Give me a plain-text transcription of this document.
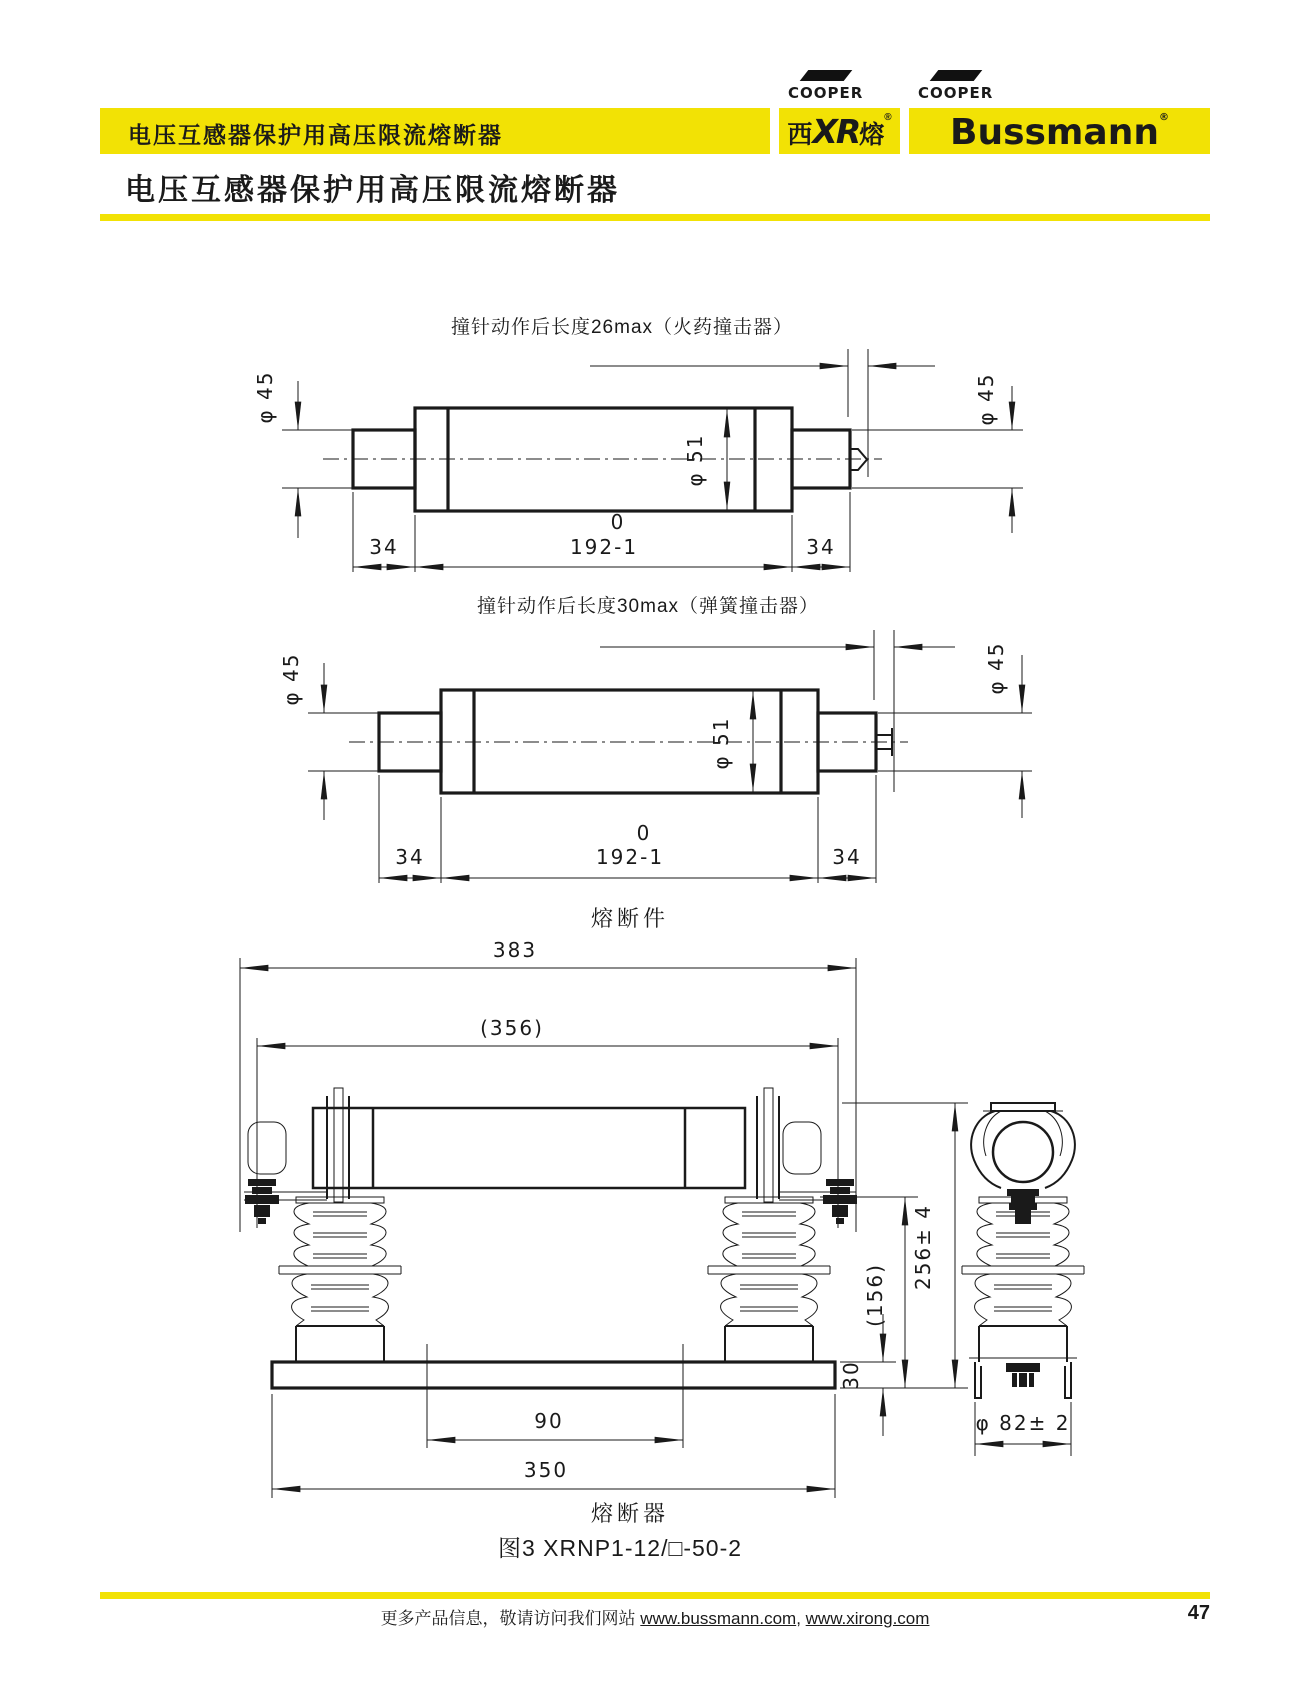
电压互感器保护用高压限流熔断器
COOPER	COOPER
西XR熔®	Bussmann®
电压互感器保护用高压限流熔断器
撞针动作后长度26max（火药撞击器）
φ 45	φ 45
φ 51
34
0
192-1	34
撞针动作后长度30max（弹簧撞击器）
φ 45	φ 45
φ 51
34
0
192-1	34
熔断件
383
(356)
90
350
φ 82± 2
256± 4
(156)
30
熔断器
图3 XRNP1-12/□-50-2
更多产品信息，敬请访问我们网站 www.bussmann.com, www.xirong.com	47
